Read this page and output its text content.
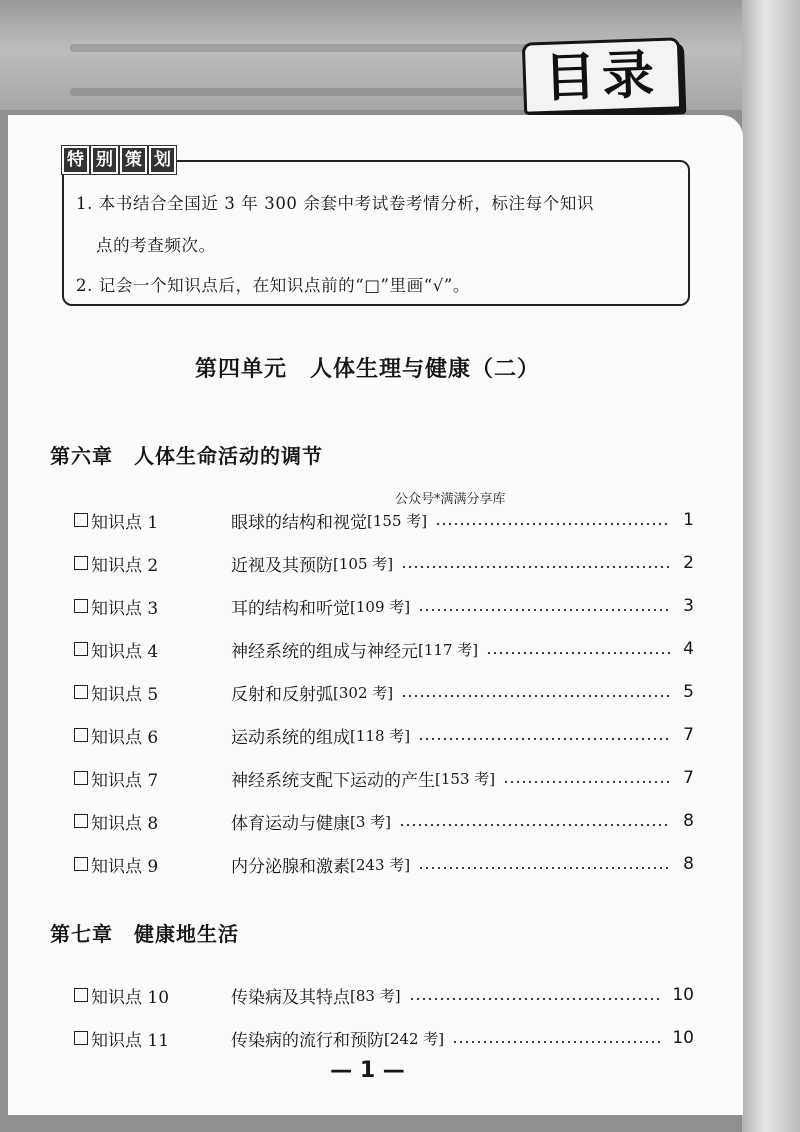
目录
特 别 策 划
1. 本书结合全国近 3 年 300 余套中考试卷考情分析，标注每个知识
点的考查频次。
2. 记会一个知识点后，在知识点前的“□”里画“√”。
第四单元　人体生理与健康（二）
第六章　人体生命活动的调节
公众号*满满分享库
知识点 1	眼球的结构和视觉 [155 考]	1
知识点 2	近视及其预防 [105 考]	2
知识点 3	耳的结构和听觉 [109 考]	3
知识点 4	神经系统的组成与神经元 [117 考]	4
知识点 5	反射和反射弧 [302 考]	5
知识点 6	运动系统的组成 [118 考]	7
知识点 7	神经系统支配下运动的产生 [153 考]	7
知识点 8	体育运动与健康 [3 考]	8
知识点 9	内分泌腺和激素 [243 考]	8
第七章　健康地生活
知识点 10	传染病及其特点 [83 考]	10
知识点 11	传染病的流行和预防 [242 考]	10
— 1 —
